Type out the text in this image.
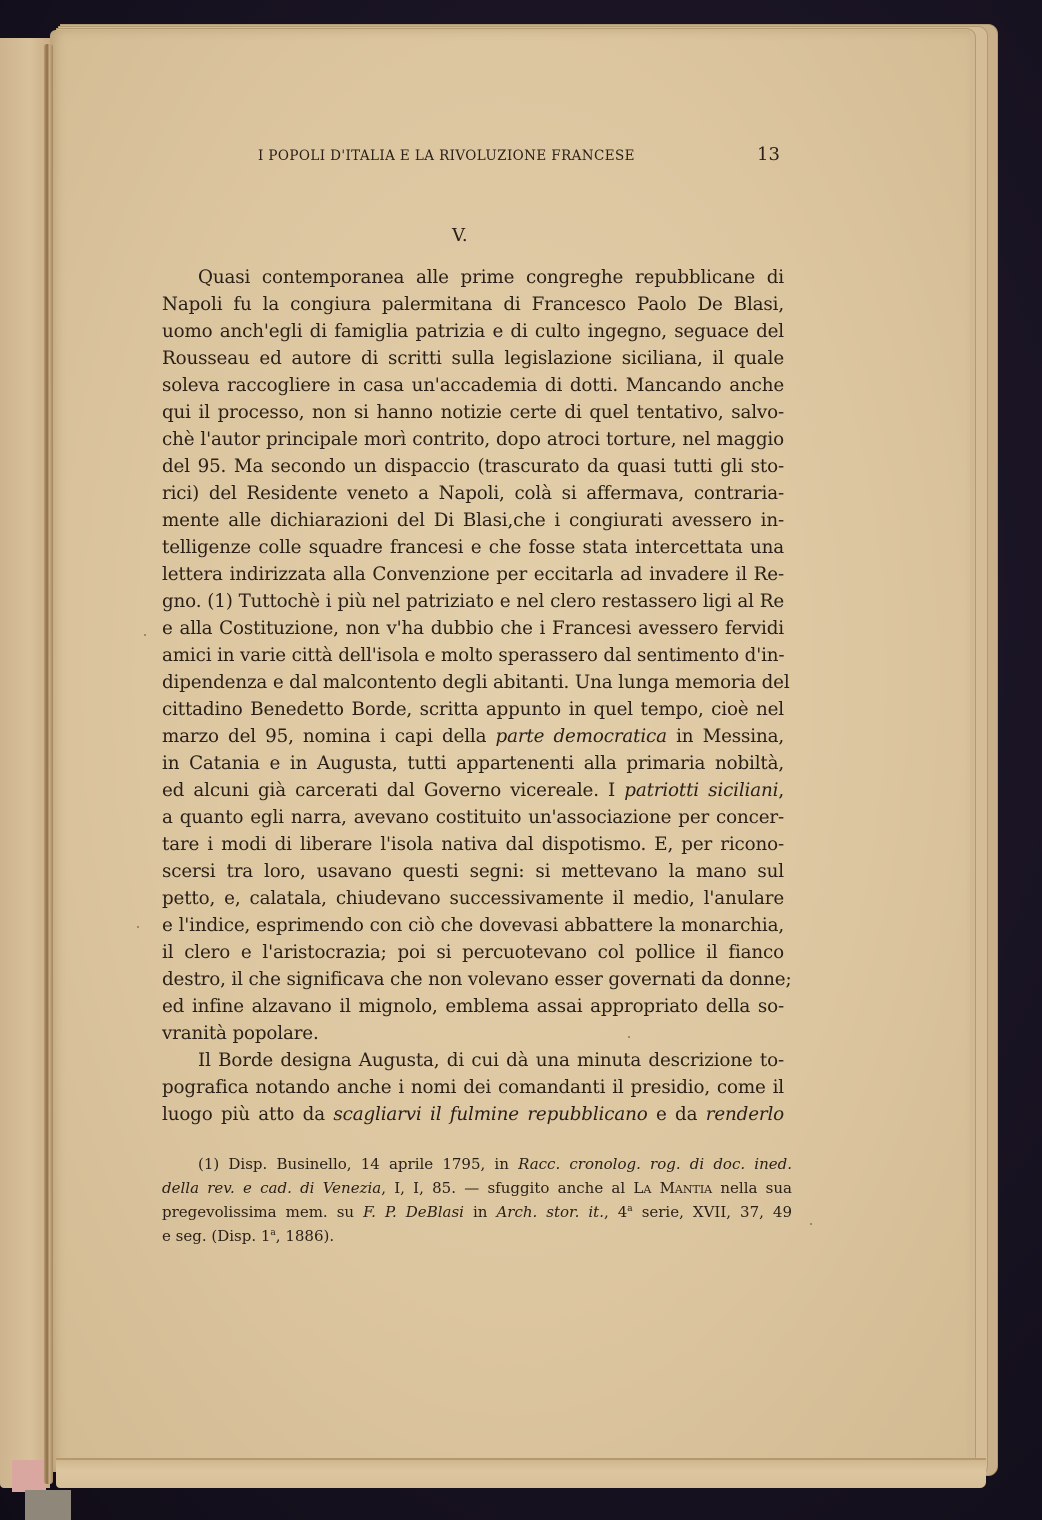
I POPOLI D'ITALIA E LA RIVOLUZIONE FRANCESE	13
V.
Quasi contemporanea alle prime congreghe repubblicane di
Napoli fu la congiura palermitana di Francesco Paolo De Blasi,
uomo anch'egli di famiglia patrizia e di culto ingegno, seguace del
Rousseau ed autore di scritti sulla legislazione siciliana, il quale
soleva raccogliere in casa un'accademia di dotti. Mancando anche
qui il processo, non si hanno notizie certe di quel tentativo, salvo-
chè l'autor principale morì contrito, dopo atroci torture, nel maggio
del 95. Ma secondo un dispaccio (trascurato da quasi tutti gli sto-
rici) del Residente veneto a Napoli, colà si affermava, contraria-
mente alle dichiarazioni del Di Blasi,che i congiurati avessero in-
telligenze colle squadre francesi e che fosse stata intercettata una
lettera indirizzata alla Convenzione per eccitarla ad invadere il Re-
gno. (1) Tuttochè i più nel patriziato e nel clero restassero ligi al Re
e alla Costituzione, non v'ha dubbio che i Francesi avessero fervidi
amici in varie città dell'isola e molto sperassero dal sentimento d'in-
dipendenza e dal malcontento degli abitanti. Una lunga memoria del
cittadino Benedetto Borde, scritta appunto in quel tempo, cioè nel
marzo del 95, nomina i capi della parte democratica in Messina,
in Catania e in Augusta, tutti appartenenti alla primaria nobiltà,
ed alcuni già carcerati dal Governo vicereale. I patriotti siciliani,
a quanto egli narra, avevano costituito un'associazione per concer-
tare i modi di liberare l'isola nativa dal dispotismo. E, per ricono-
scersi tra loro, usavano questi segni: si mettevano la mano sul
petto, e, calatala, chiudevano successivamente il medio, l'anulare
e l'indice, esprimendo con ciò che dovevasi abbattere la monarchia,
il clero e l'aristocrazia; poi si percuotevano col pollice il fianco
destro, il che significava che non volevano esser governati da donne;
ed infine alzavano il mignolo, emblema assai appropriato della so-
vranità popolare.
Il Borde designa Augusta, di cui dà una minuta descrizione to-
pografica notando anche i nomi dei comandanti il presidio, come il
luogo più atto da scagliarvi il fulmine repubblicano e da renderlo
(1) Disp. Businello, 14 aprile 1795, in Racc. cronolog. rog. di doc. ined.
della rev. e cad. di Venezia, I, I, 85. — sfuggito anche al La Mantia nella sua
pregevolissima mem. su F. P. DeBlasi in Arch. stor. it., 4$^a$ serie, XVII, 37, 49
e seg. (Disp. 1$^a$, 1886).
